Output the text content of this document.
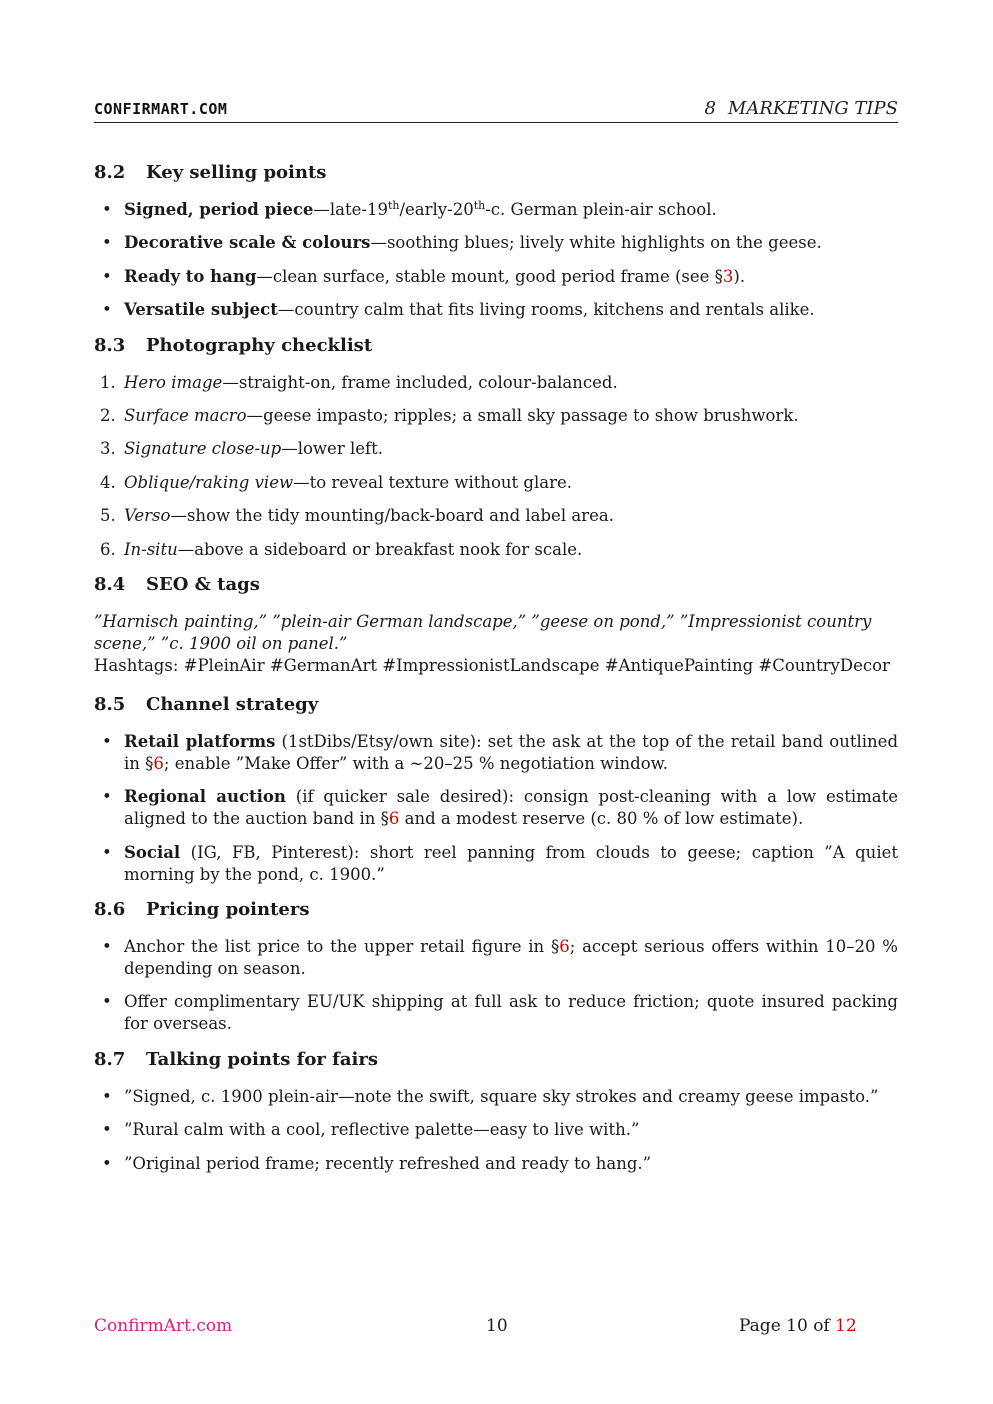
CONFIRMART.COM	8 MARKETING TIPS
8.2 Key selling points
• Signed, period piece—late-19th/early-20th-c. German plein-air school.
• Decorative scale & colours—soothing blues; lively white highlights on the geese.
• Ready to hang—clean surface, stable mount, good period frame (see §3).
• Versatile subject—country calm that fits living rooms, kitchens and rentals alike.
8.3 Photography checklist
1. Hero image—straight-on, frame included, colour-balanced.
2. Surface macro—geese impasto; ripples; a small sky passage to show brushwork.
3. Signature close-up—lower left.
4. Oblique/raking view—to reveal texture without glare.
5. Verso—show the tidy mounting/back-board and label area.
6. In-situ—above a sideboard or breakfast nook for scale.
8.4 SEO & tags

”Harnisch painting,” ”plein-air German landscape,” ”geese on pond,” ”Impressionist country scene,” ”c. 1900 oil on panel.”

Hashtags: #PleinAir #GermanArt #ImpressionistLandscape #AntiquePainting #CountryDecor

8.5 Channel strategy
• Retail platforms (1stDibs/Etsy/own site): set the ask at the top of the retail band outlined in §6; enable ”Make Offer” with a ∼20–25 % negotiation window.
• Regional auction (if quicker sale desired): consign post-cleaning with a low estimate aligned to the auction band in §6 and a modest reserve (c. 80 % of low estimate).
• Social (IG, FB, Pinterest): short reel panning from clouds to geese; caption ”A quiet morning by the pond, c. 1900.”
8.6 Pricing pointers
• Anchor the list price to the upper retail figure in §6; accept serious offers within 10–20 % depending on season.
• Offer complimentary EU/UK shipping at full ask to reduce friction; quote insured packing for overseas.
8.7 Talking points for fairs
• ”Signed, c. 1900 plein-air—note the swift, square sky strokes and creamy geese impasto.”
• ”Rural calm with a cool, reflective palette—easy to live with.”
• ”Original period frame; recently refreshed and ready to hang.”
ConfirmArt.com	10	Page 10 of 12
